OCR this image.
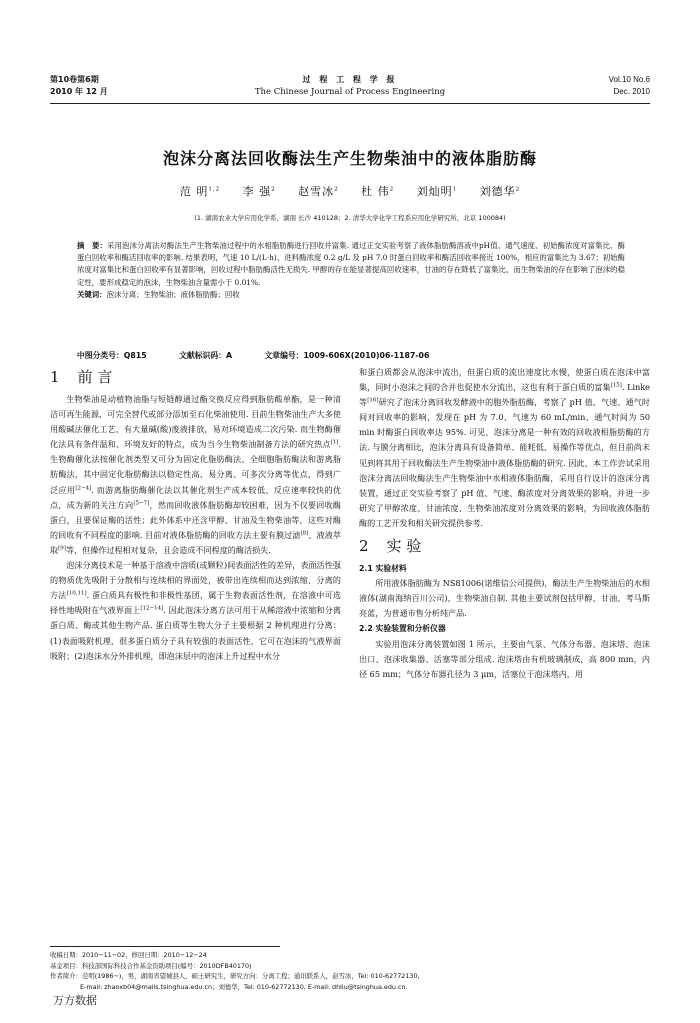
第10卷第6期
2010 年 12 月
过 程 工 程 学 报
The Chinese Journal of Process Engineering
Vol.10 No.6
Dec. 2010
泡沫分离法回收酶法生产生物柴油中的液体脂肪酶
范 明$^{1,2}$ 李 强$^2$ 赵雪冰$^2$ 杜 伟$^2$ 刘灿明$^1$ 刘德华$^2$
(1. 湖南农业大学应用化学系，湖南 长沙 410128；2. 清华大学化学工程系应用化学研究所，北京 100084)

摘　要：采用泡沫分离法对酶法生产生物柴油过程中的水相脂肪酶进行回收并富集. 通过正交实验考察了液体脂肪酶溶液中pH值、通气速度、初始酶浓度对富集比、酶蛋白回收率和酶活回收率的影响. 结果表明，气速 10 L/(L·h)、进料酶浓度 0.2 g/L 及 pH 7.0 时蛋白回收率和酶活回收率接近 100%，相应的富集比为 3.67；初始酶浓度对富集比和蛋白回收率有显著影响，回收过程中脂肪酶活性无损失. 甲醇的存在能显著提高回收速率，甘油的存在降低了富集比，而生物柴油的存在影响了泡沫的稳定性，要形成稳定的泡沫，生物柴油含量需小于 0.01%.

关键词：泡沫分离；生物柴油；液体脂肪酶；回收

中图分类号：Q815	文献标识码：A	文章编号：1009-606X(2010)06-1187-06
1 前 言

生物柴油是动植物油脂与短链醇通过酯交换反应得到脂肪酸单酯，是一种清洁可再生能源，可完全替代或部分添加至石化柴油使用. 目前生物柴油生产大多使用酸碱法催化工艺，有大量碱(酸)废液排放，易对环境造成二次污染. 而生物酶催化法具有条件温和、环境友好的特点，成为当今生物柴油制备方法的研究热点[1]. 生物酶催化法按催化剂类型又可分为固定化脂肪酶法、全细胞脂肪酶法和游离脂肪酶法，其中固定化脂肪酶法以稳定性高、易分离、可多次分离等优点，得到广泛应用[2−4]. 而游离脂肪酶催化法以其催化剂生产成本较低、反应速率较快的优点，成为新的关注方向[5−7]，然而回收液体脂肪酶却较困难，因为不仅要回收酶蛋白，且要保证酶的活性；此外体系中还含甲醇、甘油及生物柴油等，这些对酶的回收有不同程度的影响. 目前对液体脂肪酶的回收方法主要有膜过滤[8]、液液萃取[9]等，但操作过程相对复杂，且会造成不同程度的酶活损失.

泡沫分离技术是一种基于溶液中溶质(或颗粒)间表面活性的差异，表面活性强的物质优先吸附于分散相与连续相的界面处，被带出连续相而达到浓缩、分离的方法[10,11]. 蛋白质具有极性和非极性基团，属于生物表面活性剂，在溶液中可选择性地吸附在气液界面上[12−14]. 因此泡沫分离方法可用于从稀溶液中浓缩和分离蛋白质、酶或其他生物产品. 蛋白质等生物大分子主要根据 2 种机理进行分离：(1)表面吸附机理，很多蛋白质分子具有较强的表面活性，它可在泡沫的气液界面吸附；(2)泡沫水分外排机理，即泡沫层中的泡沫上升过程中水分

和蛋白质都会从泡沫中流出，但蛋白质的流出速度比水慢，使蛋白质在泡沫中富集，同时小泡沫之间的合并也促使水分流出，这也有利于蛋白质的富集[15]. Linke 等[16]研究了泡沫分离回收发酵液中的胞外脂肪酶，考察了 pH 值、气速、通气时间对回收率的影响，发现在 pH 为 7.0、气速为 60 mL/min、通气时间为 50 min 时酶蛋白回收率达 95%. 可见，泡沫分离是一种有效的回收液相脂肪酶的方法. 与膜分离相比，泡沫分离具有设备简单、能耗低、易操作等优点，但目前尚未见到将其用于回收酶法生产生物柴油中液体脂肪酶的研究. 因此，本工作尝试采用泡沫分离法回收酶法生产生物柴油中水相液体脂肪酶，采用自行设计的泡沫分离装置，通过正交实验考察了 pH 值、气速、酶浓度对分离效果的影响，并进一步研究了甲醇浓度、甘油浓度、生物柴油浓度对分离效果的影响，为回收液体脂肪酶的工艺开发和相关研究提供参考.

2 实 验
2.1 实验材料

所用液体脂肪酶为 NS81006(诺维信公司提供)，酶法生产生物柴油后的水相液体(湖南海纳百川公司)，生物柴油自制. 其他主要试剂包括甲醇、甘油、考马斯亮蓝，为普通市售分析纯产品.

2.2 实验装置和分析仪器

实验用泡沫分离装置如图 1 所示，主要由气泵、气体分布器、泡沫塔、泡沫出口、泡沫收集器、活塞等部分组成. 泡沫塔由有机玻璃制成，高 800 mm，内径 65 mm；气体分布器孔径为 3 μm，活塞位于泡沫塔内，用

收稿日期：2010−11−02，修回日期：2010−12−24
基金项目：科技部国际科技合作基金资助项目(编号：2010DFB40170)
作者简介：范明(1986−)，男，湖南省望城县人，硕士研究生，研究方向：分离工程；通讯联系人，赵雪冰，Tel: 010-62772130,
E-mail: zhaoxb04@mails.tsinghua.edu.cn；刘德华，Tel: 010-62772130, E-mail: dhliu@tsinghua.edu.cn.
万方数据
